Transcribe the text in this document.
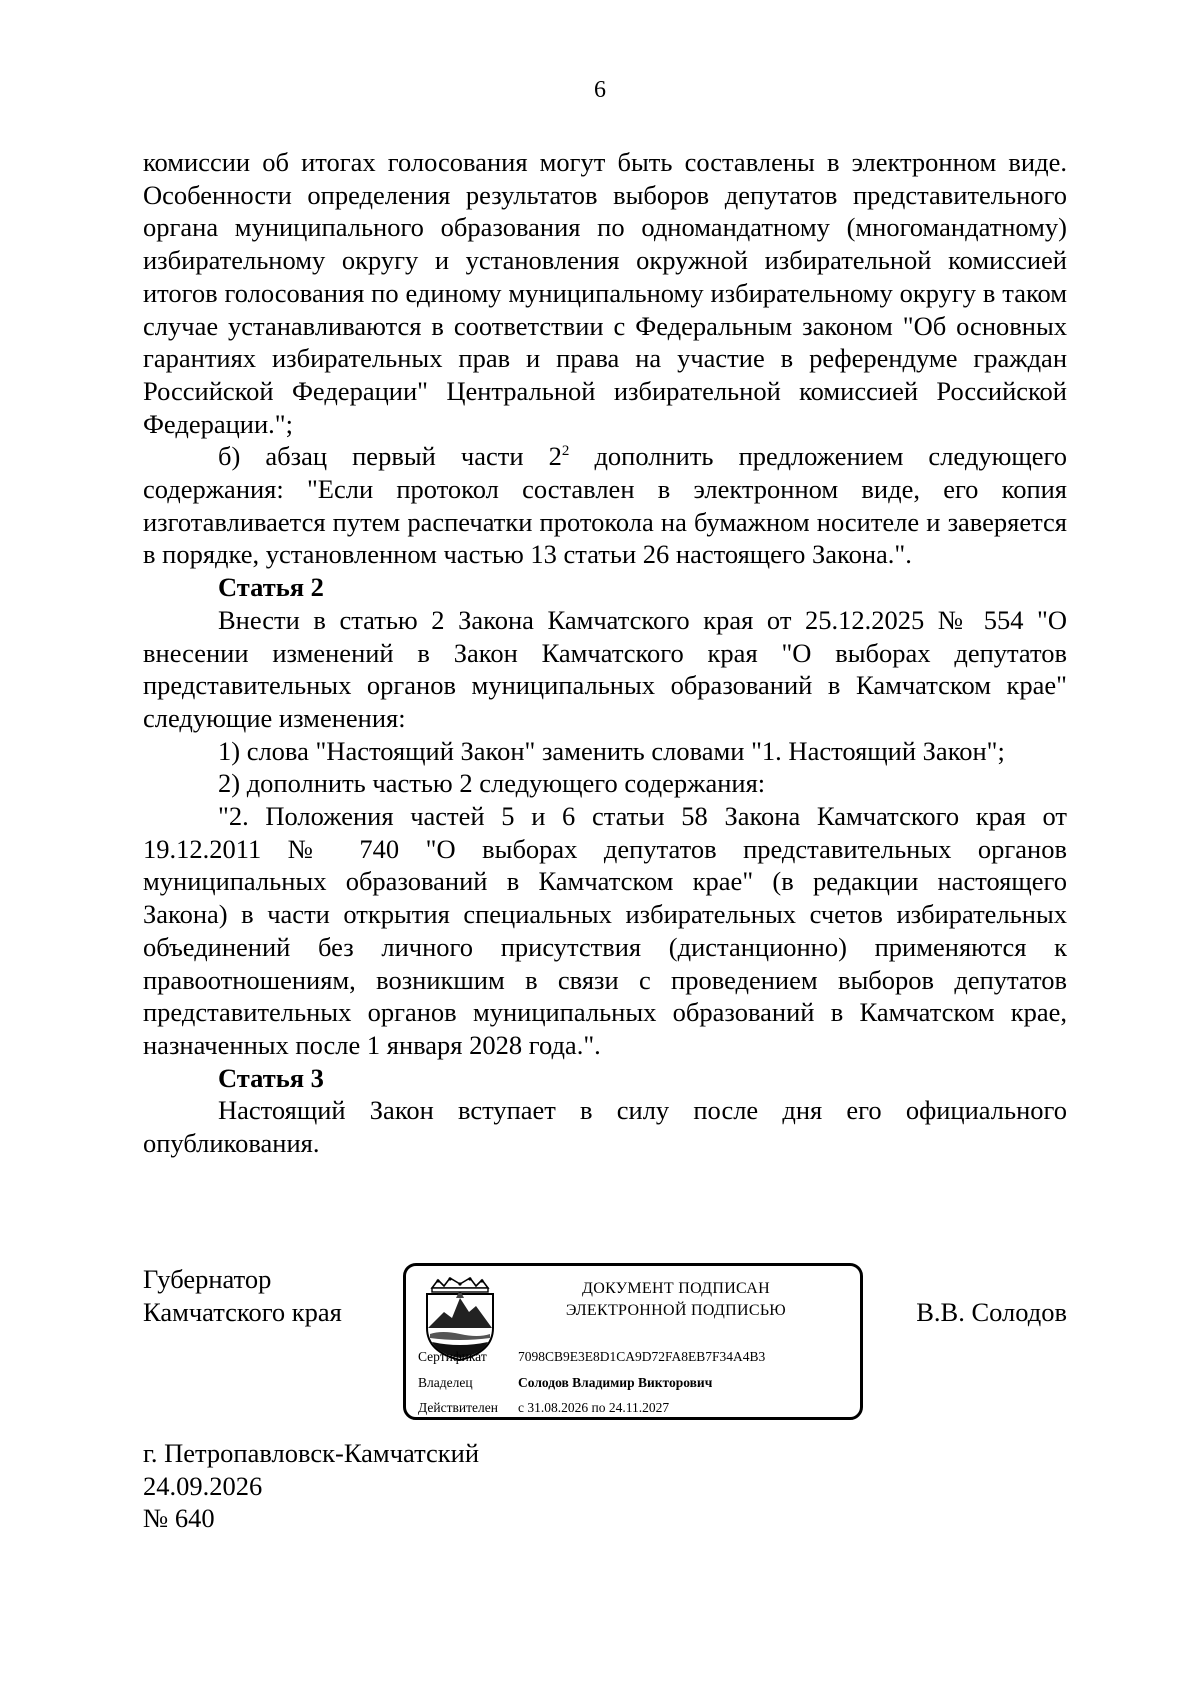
6

комиссии об итогах голосования могут быть составлены в электронном виде. Особенности определения результатов выборов депутатов представительного органа муниципального образования по одномандатному (многомандатному) избирательному округу и установления окружной избирательной комиссией итогов голосования по единому муниципальному избирательному округу в таком случае устанавливаются в соответствии с Федеральным законом "Об основных гарантиях избирательных прав и права на участие в референдуме граждан Российской Федерации" Центральной избирательной комиссией Российской Федерации.";

б) абзац первый части $2^2$ дополнить предложением следующего содержания: "Если протокол составлен в электронном виде, его копия изготавливается путем распечатки протокола на бумажном носителе и заверяется в порядке, установленном частью 13 статьи 26 настоящего Закона.".

Статья 2

Внести в статью 2 Закона Камчатского края от 25.12.2025 № 554 "О внесении изменений в Закон Камчатского края "О выборах депутатов представительных органов муниципальных образований в Камчатском крае" следующие изменения:

1) слова "Настоящий Закон" заменить словами "1. Настоящий Закон";

2) дополнить частью 2 следующего содержания:

"2. Положения частей 5 и 6 статьи 58 Закона Камчатского края от 19.12.2011 № 740 "О выборах депутатов представительных органов муниципальных образований в Камчатском крае" (в редакции настоящего Закона) в части открытия специальных избирательных счетов избирательных объединений без личного присутствия (дистанционно) применяются к правоотношениям, возникшим в связи с проведением выборов депутатов представительных органов муниципальных образований в Камчатском крае, назначенных после 1 января 2028 года.".

Статья 3

Настоящий Закон вступает в силу после дня его официального опубликования.

Губернатор
Камчатского края
ДОКУМЕНТ ПОДПИСАН
ЭЛЕКТРОННОЙ ПОДПИСЬЮ
Сертификат 7098CB9E3E8D1CA9D72FA8EB7F34A4B3
Владелец	Солодов Владимир Викторович
Действителен с 31.08.2026 по 24.11.2027
В.В. Солодов
г. Петропавловск-Камчатский
24.09.2026
№ 640
